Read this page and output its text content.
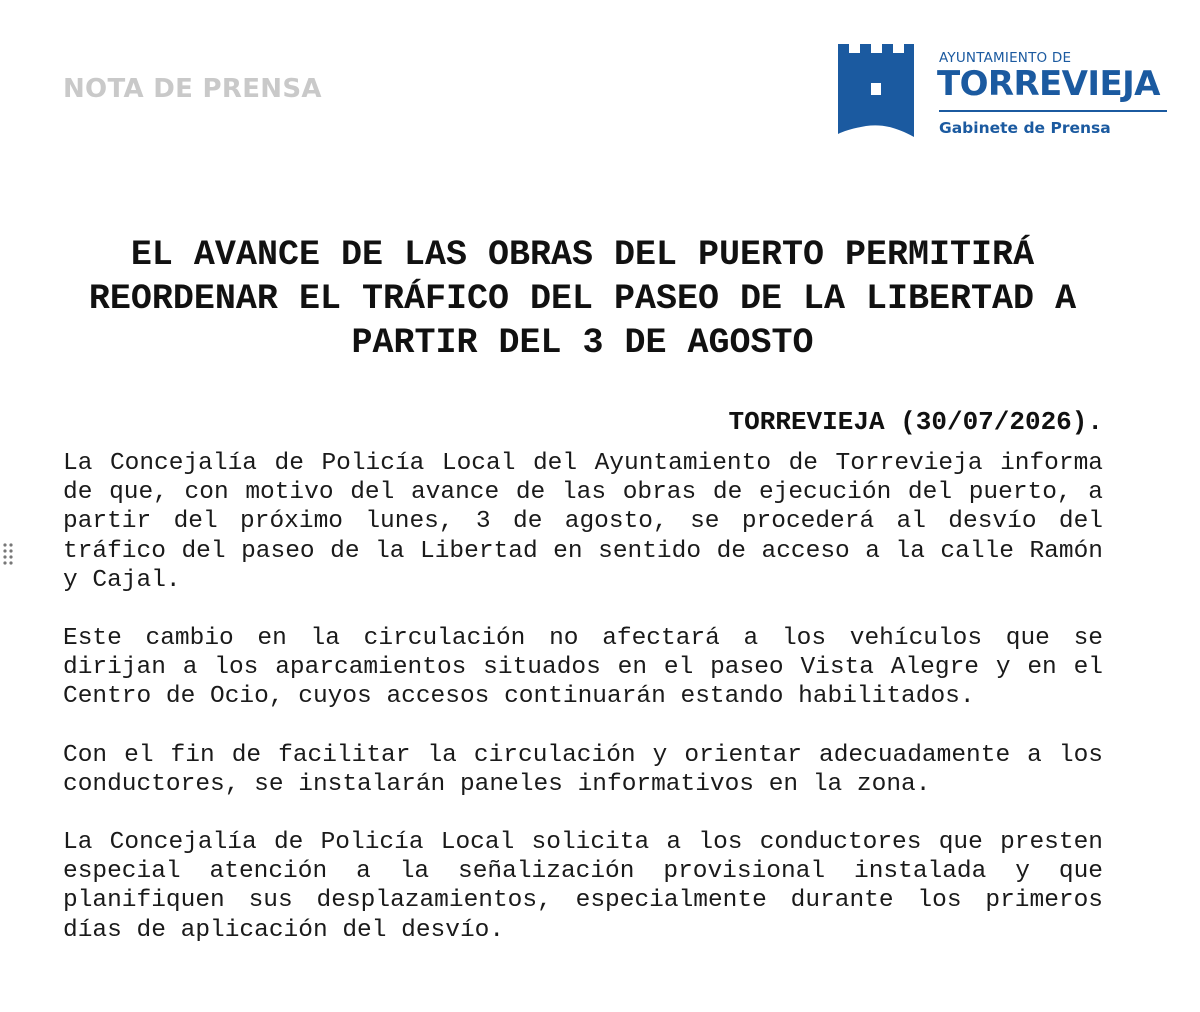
NOTA DE PRENSA
AYUNTAMIENTO DE
TORREVIEJA
Gabinete de Prensa
EL AVANCE DE LAS OBRAS DEL PUERTO PERMITIRÁ REORDENAR EL TRÁFICO DEL PASEO DE LA LIBERTAD A PARTIR DEL 3 DE AGOSTO
TORREVIEJA (30/07/2026).

La Concejalía de Policía Local del Ayuntamiento de Torrevieja informa de que, con motivo del avance de las obras de ejecución del puerto, a partir del próximo lunes, 3 de agosto, se procederá al desvío del tráfico del paseo de la Libertad en sentido de acceso a la calle Ramón y Cajal.

Este cambio en la circulación no afectará a los vehículos que se dirijan a los aparcamientos situados en el paseo Vista Alegre y en el Centro de Ocio, cuyos accesos continuarán estando habilitados.

Con el fin de facilitar la circulación y orientar adecuadamente a los conductores, se instalarán paneles informativos en la zona.

La Concejalía de Policía Local solicita a los conductores que presten especial atención a la señalización provisional instalada y que planifiquen sus desplazamientos, especialmente durante los primeros días de aplicación del desvío.
